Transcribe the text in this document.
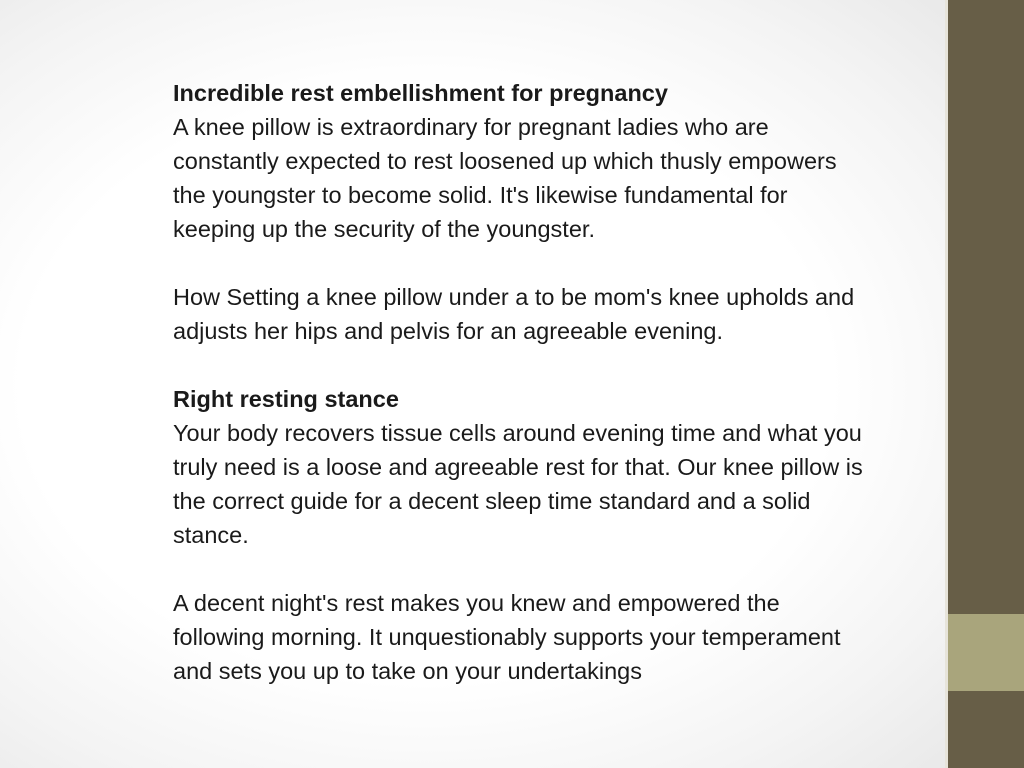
Incredible rest embellishment for pregnancy

A knee pillow is extraordinary for pregnant ladies who are constantly expected to rest loosened up which thusly empowers the youngster to become solid. It's likewise fundamental for keeping up the security of the youngster.

How Setting a knee pillow under a to be mom's knee upholds and adjusts her hips and pelvis for an agreeable evening.

Right resting stance

Your body recovers tissue cells around evening time and what you truly need is a loose and agreeable rest for that. Our knee pillow is the correct guide for a decent sleep time standard and a solid stance.

A decent night's rest makes you knew and empowered the following morning. It unquestionably supports your temperament and sets you up to take on your undertakings
